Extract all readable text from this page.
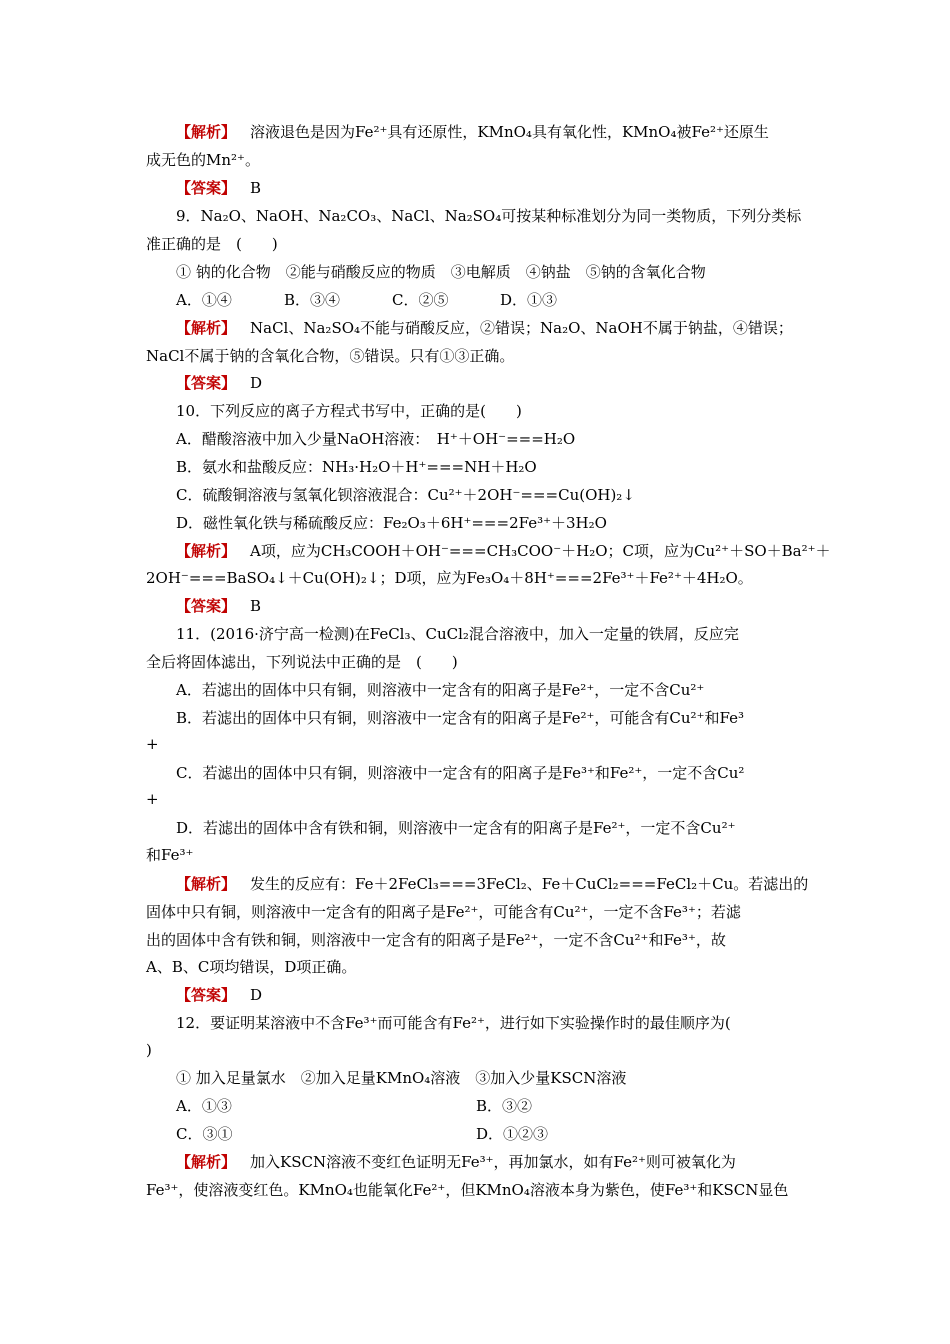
【解析】 溶液退色是因为Fe²⁺具有还原性，KMnO₄具有氧化性，KMnO₄被Fe²⁺还原生
成无色的Mn²⁺。
【答案】 B
9．Na₂O、NaOH、Na₂CO₃、NaCl、Na₂SO₄可按某种标准划分为同一类物质，下列分类标
准正确的是　(　　)
① 钠的化合物　②能与硝酸反应的物质　③电解质　④钠盐　⑤钠的含氧化合物
A．①④	B．③④	C．②⑤	D．①③
【解析】 NaCl、Na₂SO₄不能与硝酸反应，②错误；Na₂O、NaOH不属于钠盐，④错误；
NaCl不属于钠的含氧化合物，⑤错误。只有①③正确。
【答案】 D
10．下列反应的离子方程式书写中，正确的是(　　)
A．醋酸溶液中加入少量NaOH溶液：　H⁺＋OH⁻===H₂O
B．氨水和盐酸反应：NH₃·H₂O＋H⁺===NH＋H₂O
C．硫酸铜溶液与氢氧化钡溶液混合：Cu²⁺＋2OH⁻===Cu(OH)₂↓
D．磁性氧化铁与稀硫酸反应：Fe₂O₃＋6H⁺===2Fe³⁺＋3H₂O
【解析】 A项，应为CH₃COOH＋OH⁻===CH₃COO⁻＋H₂O；C项，应为Cu²⁺＋SO＋Ba²⁺＋
2OH⁻===BaSO₄↓＋Cu(OH)₂↓；D项，应为Fe₃O₄＋8H⁺===2Fe³⁺＋Fe²⁺＋4H₂O。
【答案】 B
11．(2016·济宁高一检测)在FeCl₃、CuCl₂混合溶液中，加入一定量的铁屑，反应完
全后将固体滤出，下列说法中正确的是　(　　)
A．若滤出的固体中只有铜，则溶液中一定含有的阳离子是Fe²⁺，一定不含Cu²⁺
B．若滤出的固体中只有铜，则溶液中一定含有的阳离子是Fe²⁺，可能含有Cu²⁺和Fe³
+
C．若滤出的固体中只有铜，则溶液中一定含有的阳离子是Fe³⁺和Fe²⁺，一定不含Cu²
+
D．若滤出的固体中含有铁和铜，则溶液中一定含有的阳离子是Fe²⁺，一定不含Cu²⁺
和Fe³⁺
【解析】 发生的反应有：Fe＋2FeCl₃===3FeCl₂、Fe＋CuCl₂===FeCl₂＋Cu。若滤出的
固体中只有铜，则溶液中一定含有的阳离子是Fe²⁺，可能含有Cu²⁺，一定不含Fe³⁺；若滤
出的固体中含有铁和铜，则溶液中一定含有的阳离子是Fe²⁺，一定不含Cu²⁺和Fe³⁺，故
A、B、C项均错误，D项正确。
【答案】 D
12．要证明某溶液中不含Fe³⁺而可能含有Fe²⁺，进行如下实验操作时的最佳顺序为(
)
① 加入足量氯水　②加入足量KMnO₄溶液　③加入少量KSCN溶液
A．①③	B．③②
C．③①	D．①②③
【解析】 加入KSCN溶液不变红色证明无Fe³⁺，再加氯水，如有Fe²⁺则可被氧化为
Fe³⁺，使溶液变红色。KMnO₄也能氧化Fe²⁺，但KMnO₄溶液本身为紫色，使Fe³⁺和KSCN显色
